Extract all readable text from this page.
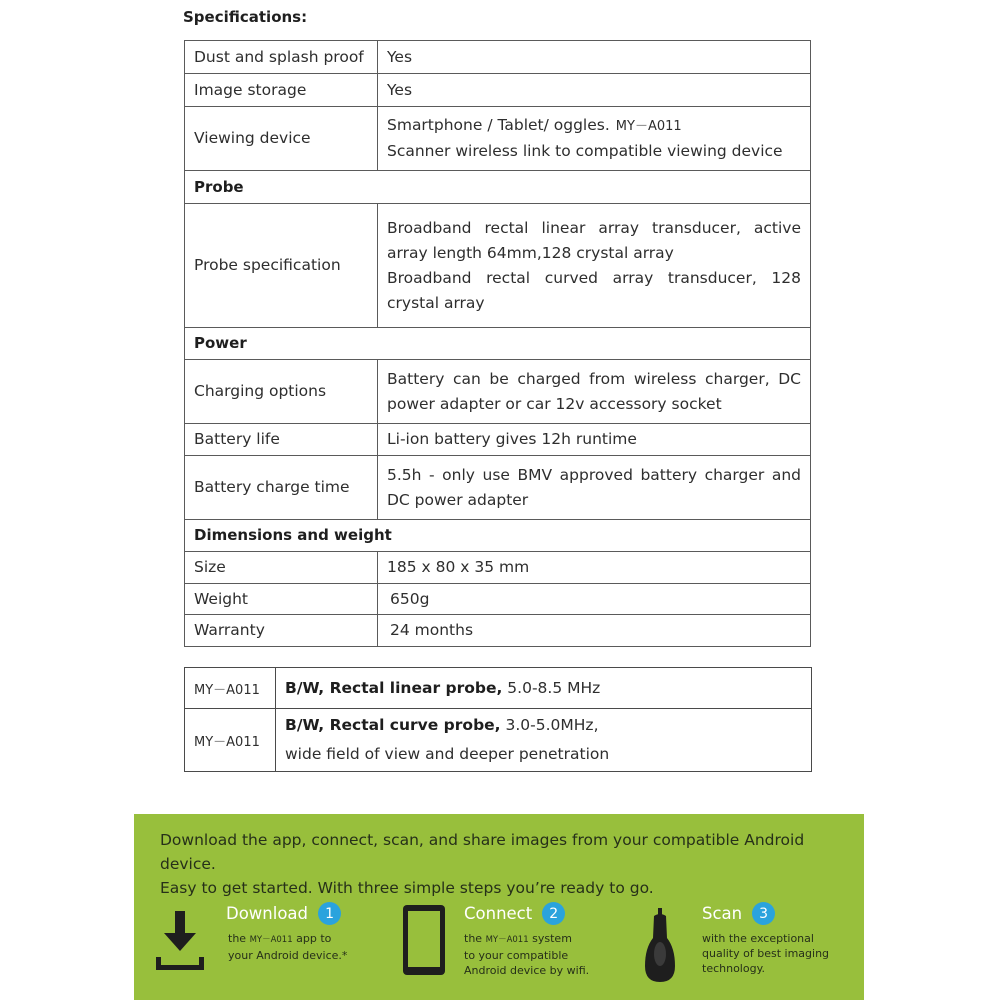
Specifications:
Dust and splash proof	Yes
Image storage	Yes
Viewing device	Smartphone / Tablet/ oggles. MY－A011
Scanner wireless link to compatible viewing device

Probe	
Probe specification	Broadband rectal linear array transducer, active array length 64mm,128 crystal array
Broadband rectal curved array transducer, 128 crystal array

Power	
Charging options	Battery can be charged from wireless charger, DC power adapter or car 12v accessory socket
Battery life	Li-ion battery gives 12h runtime
Battery charge time	5.5h - only use BMV approved battery charger and DC power adapter
Dimensions and weight	
Size	185 x 80 x 35 mm
Weight	650g
Warranty	24 months
MY－A011	B/W, Rectal linear probe, 5.0-8.5 MHz
MY－A011	B/W, Rectal curve probe, 3.0-5.0MHz,
wide field of view and deeper penetration
Download the app, connect, scan, and share images from your compatible Android device.
Easy to get started. With three simple steps you’re ready to go.
Download	1
the MY－A011 app to
your Android device.*
Connect	2
the MY－A011 system
to your compatible
Android device by wifi.
Scan	3
with the exceptional
quality of best imaging
technology.
